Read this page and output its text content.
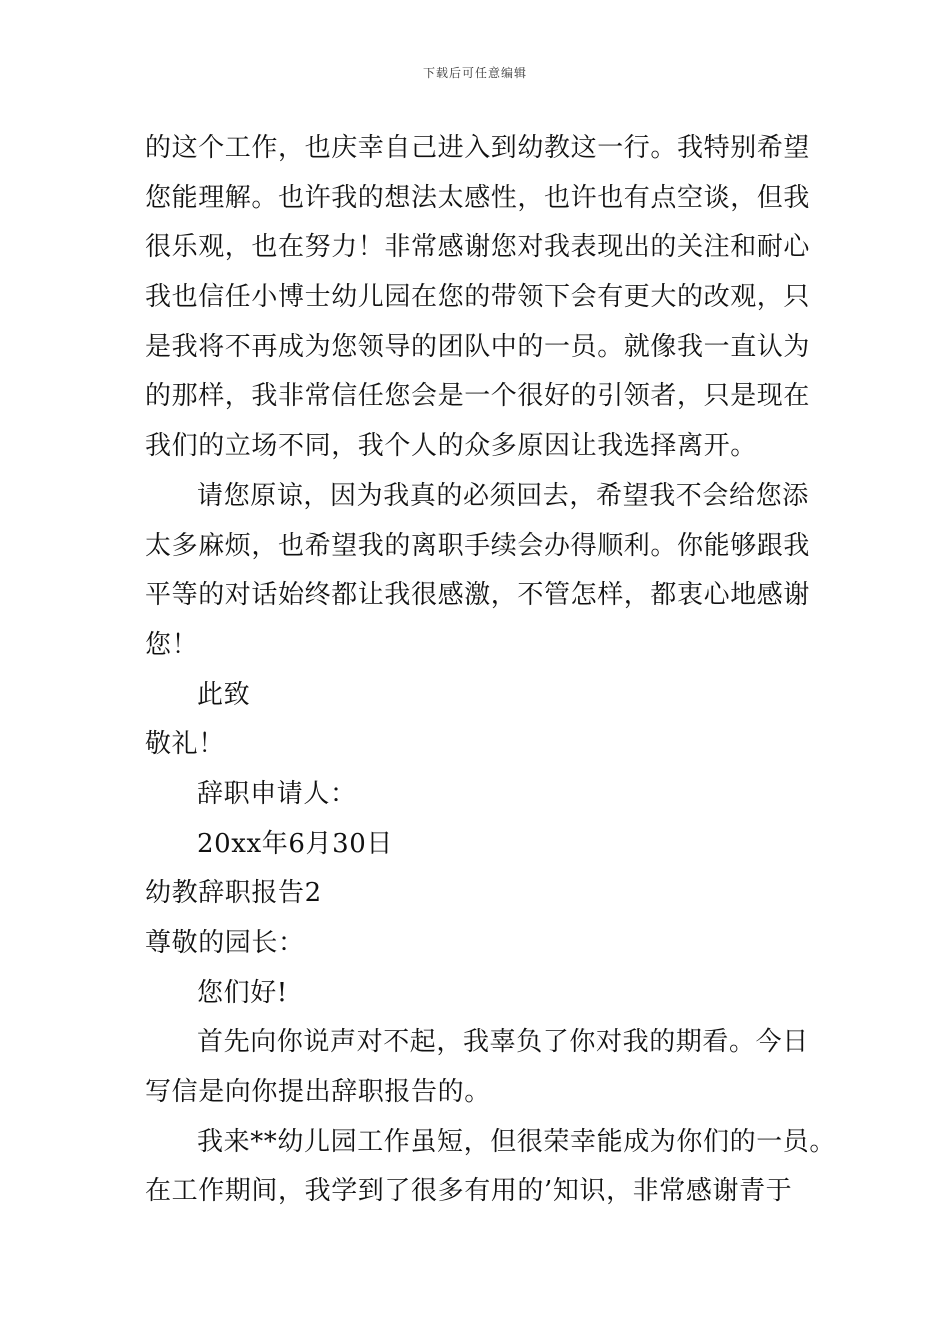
下载后可任意编辑
的这个工作，也庆幸自己进入到幼教这一行。我特别希望
您能理解。也许我的想法太感性，也许也有点空谈，但我
很乐观，也在努力！非常感谢您对我表现出的关注和耐心
我也信任小博士幼儿园在您的带领下会有更大的改观，只
是我将不再成为您领导的团队中的一员。就像我一直认为
的那样，我非常信任您会是一个很好的引领者，只是现在
我们的立场不同，我个人的众多原因让我选择离开。
请您原谅，因为我真的必须回去，希望我不会给您添
太多麻烦，也希望我的离职手续会办得顺利。你能够跟我
平等的对话始终都让我很感激，不管怎样，都衷心地感谢
您！
此致
敬礼！
辞职申请人：
20xx年6月30日
幼教辞职报告2
尊敬的园长：
您们好!
首先向你说声对不起，我辜负了你对我的期看。今日
写信是向你提出辞职报告的。
我来**幼儿园工作虽短，但很荣幸能成为你们的一员。
在工作期间，我学到了很多有用的’知识，非常感谢青于
